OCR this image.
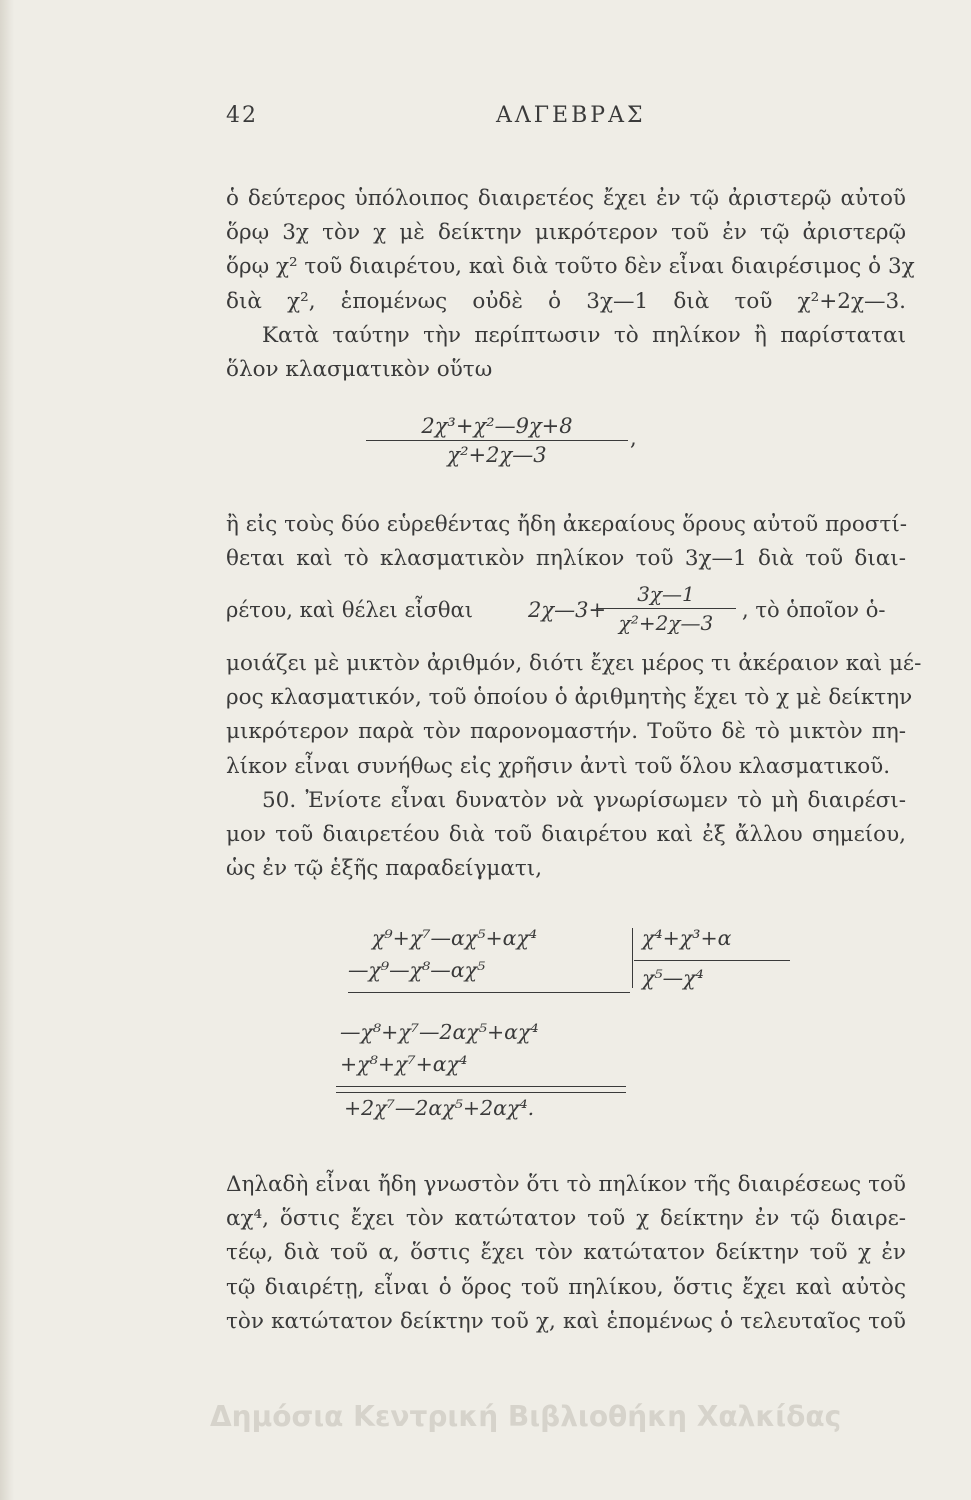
42	ΑΛΓΕΒΡΑΣ
ὁ δεύτερος ὑπόλοιπος διαιρετέος ἔχει ἐν τῷ ἀριστερῷ αὐτοῦ
ὅρῳ 3χ τὸν χ μὲ δείκτην μικρότερον τοῦ ἐν τῷ ἀριστερῷ
ὅρῳ χ² τοῦ διαιρέτου, καὶ διὰ τοῦτο δὲν εἶναι διαιρέσιμος ὁ 3χ
διὰ χ², ἑπομένως οὐδὲ ὁ 3χ—1 διὰ τοῦ χ²+2χ—3.
Κατὰ ταύτην τὴν περίπτωσιν τὸ πηλίκον ἢ παρίσταται
ὅλον κλασματικὸν οὕτω
2χ³+χ²—9χ+8
χ²+2χ—3
,
ἢ εἰς τοὺς δύο εὑρεθέντας ἤδη ἀκεραίους ὅρους αὐτοῦ προστί-
θεται καὶ τὸ κλασματικὸν πηλίκον τοῦ 3χ—1 διὰ τοῦ διαι-
ρέτου, καὶ θέλει εἶσθαι	2χ—3+
3χ—1
χ²+2χ—3
, τὸ ὁποῖον ὁ-
μοιάζει μὲ μικτὸν ἀριθμόν, διότι ἔχει μέρος τι ἀκέραιον καὶ μέ-
ρος κλασματικόν, τοῦ ὁποίου ὁ ἀριθμητὴς ἔχει τὸ χ μὲ δείκτην
μικρότερον παρὰ τὸν παρονομαστήν. Τοῦτο δὲ τὸ μικτὸν πη-
λίκον εἶναι συνήθως εἰς χρῆσιν ἀντὶ τοῦ ὅλου κλασματικοῦ.
50. Ἐνίοτε εἶναι δυνατὸν νὰ γνωρίσωμεν τὸ μὴ διαιρέσι-
μον τοῦ διαιρετέου διὰ τοῦ διαιρέτου καὶ ἐξ ἄλλου σημείου,
ὡς ἐν τῷ ἑξῆς παραδείγματι,
χ⁹+χ⁷—αχ⁵+αχ⁴	χ⁴+χ³+α
χ⁵—χ⁴
—χ⁹—χ⁸—αχ⁵
—χ⁸+χ⁷—2αχ⁵+αχ⁴
+χ⁸+χ⁷+αχ⁴
+2χ⁷—2αχ⁵+2αχ⁴.
Δηλαδὴ εἶναι ἤδη γνωστὸν ὅτι τὸ πηλίκον τῆς διαιρέσεως τοῦ
αχ⁴, ὅστις ἔχει τὸν κατώτατον τοῦ χ δείκτην ἐν τῷ διαιρε-
τέῳ, διὰ τοῦ α, ὅστις ἔχει τὸν κατώτατον δείκτην τοῦ χ ἐν
τῷ διαιρέτῃ, εἶναι ὁ ὅρος τοῦ πηλίκου, ὅστις ἔχει καὶ αὐτὸς
τὸν κατώτατον δείκτην τοῦ χ, καὶ ἑπομένως ὁ τελευταῖος τοῦ
Δημόσια Κεντρική Βιβλιοθήκη Χαλκίδας
